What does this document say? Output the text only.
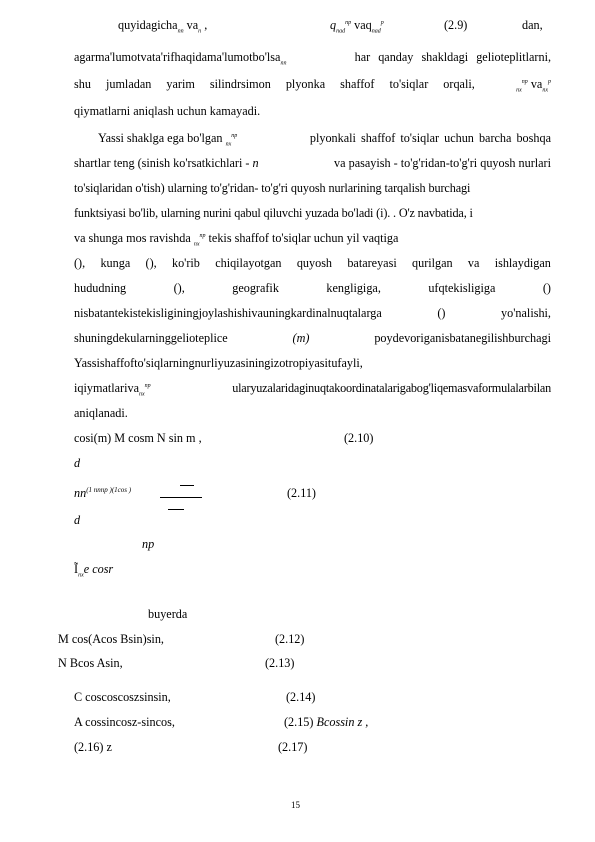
quyidagicha$_{nn}$ $va_n$ ,	$q_{nad}^{np}$ vaq$_{nad}^p$	(2.9)	dan,
agarma'lumotvata'rifhaqidama'lumotbo'lsa$_{nn}$	har qanday shakldagi gelioteplitlarni,
shu jumladan yarim silindrsimon plyonka shaffof to'siqlar orqali,	$_{nx}^{np}$ $va_{nx}^p$
qiymatlarni aniqlash uchun kamayadi.
Yassi shaklga ega bo'lgan $_{nx}^{np}$	plyonkali shaffof to'siqlar uchun barcha boshqa
shartlar teng (sinish ko'rsatkichlari - n	va pasayish - to'g'ridan-to'g'ri quyosh nurlari
to'siqlaridan o'tish) ularning to'g'ridan- to'g'ri quyosh nurlarining tarqalish burchagi
funktsiyasi bo'lib, ularning nurini qabul qiluvchi yuzada bo'ladi (i). . O'z navbatida, i
va shunga mos ravishda $_{nx}^{np}$ tekis shaffof to'siqlar uchun yil vaqtiga
(), kunga (), ko'rib chiqilayotgan quyosh batareyasi qurilgan va ishlaydigan
hududning	(),	geografik	kengligiga,	ufqtekisligiga	()
nisbatantekistekisliginingjoylashishivauningkardinalnuqtalarga	()	yo'nalishi,
shuningdekularninggelioteplice	(m)	poydevoriganisbatanegilishburchagi
Yassishaffofto'siqlarningnurliyuzasiningizotropiyasitufayli,
iqiymatlariva$_{nx}^{np}$	ularyuzalaridaginuqtakoordinatalarigabog'liqemasvaformulalarbilan
aniqlanadi.
cosi(m) M cosm N sin m ,	(2.10)
d
$nn^{(1 nnnp )(1cos )}$	(2.11)
d
np
$Ĩ_{nx}e$ cosr
buyerda
M cos(Acos Bsin)sin,	(2.12)
N Bcos Asin,	(2.13)
C coscoscoszsinsin,	(2.14)
A cossincosz-sincos,	(2.15) Bcossin z ,
(2.16) z	(2.17)
15
